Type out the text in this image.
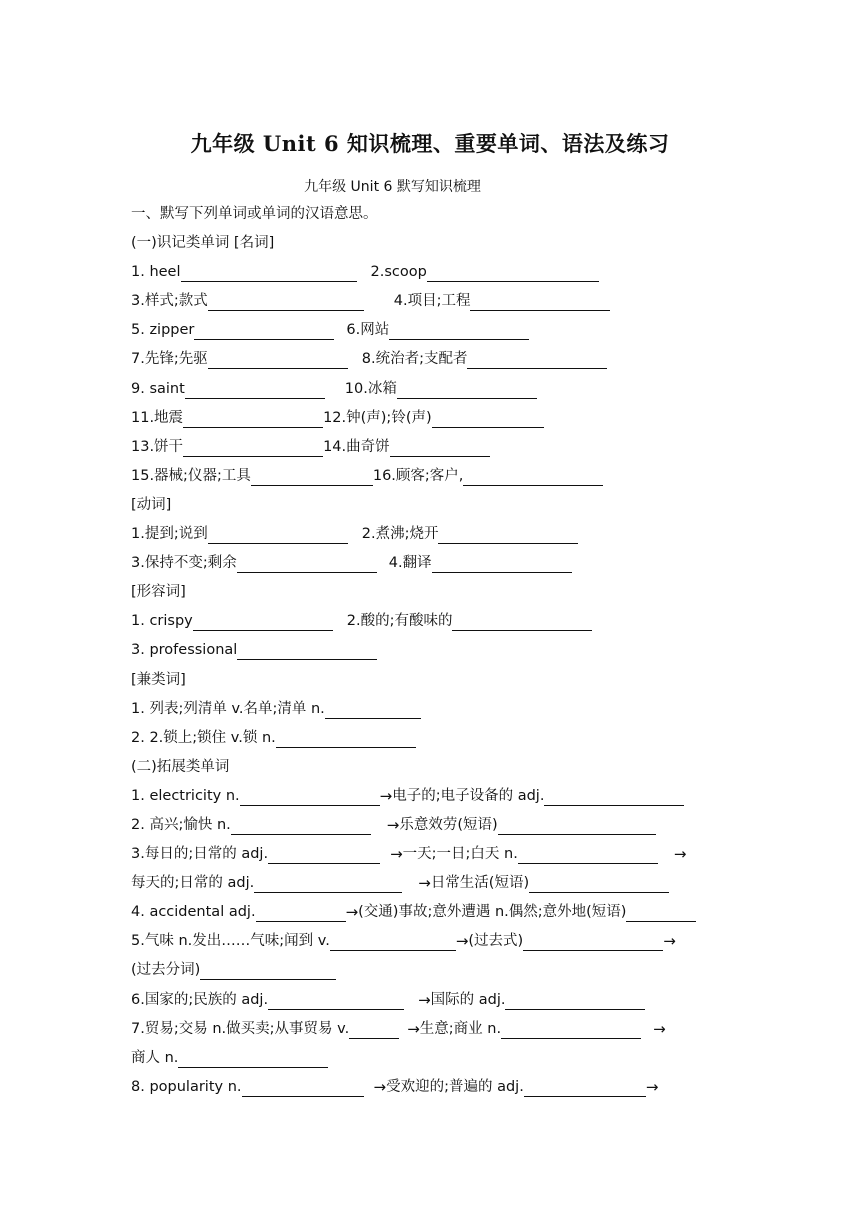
九年级 Unit 6 知识梳理、重要单词、语法及练习
九年级 Unit 6 默写知识梳理
一、默写下列单词或单词的汉语意思。
(一)识记类单词 [名词]
1. heel	2.scoop
3.样式;款式	4.项目;工程
5. zipper	6.网站
7.先锋;先驱	8.统治者;支配者
9. saint	10.冰箱
11.地震	12.钟(声);铃(声)
13.饼干	14.曲奇饼
15.器械;仪器;工具	16.顾客;客户,
[动词]
1.提到;说到	2.煮沸;烧开
3.保持不变;剩余	4.翻译
[形容词]
1. crispy	2.酸的;有酸味的
3. professional
[兼类词]
1. 列表;列清单 v.名单;清单 n.
2. 2.锁上;锁住 v.锁 n.
(二)拓展类单词
1. electricity n.	→电子的;电子设备的 adj.
2. 高兴;愉快 n.	→乐意效劳(短语)
3.每日的;日常的 adj.	→一天;一日;白天 n.	→
每天的;日常的 adj.	→日常生活(短语)
4. accidental adj.	→(交通)事故;意外遭遇 n.偶然;意外地(短语)
5.气味 n.发出……气味;闻到 v.	→(过去式)	→
(过去分词)
6.国家的;民族的 adj.	→国际的 adj.
7.贸易;交易 n.做买卖;从事贸易 v.	→生意;商业 n.	→
商人 n.
8. popularity n.	→受欢迎的;普遍的 adj.	→
